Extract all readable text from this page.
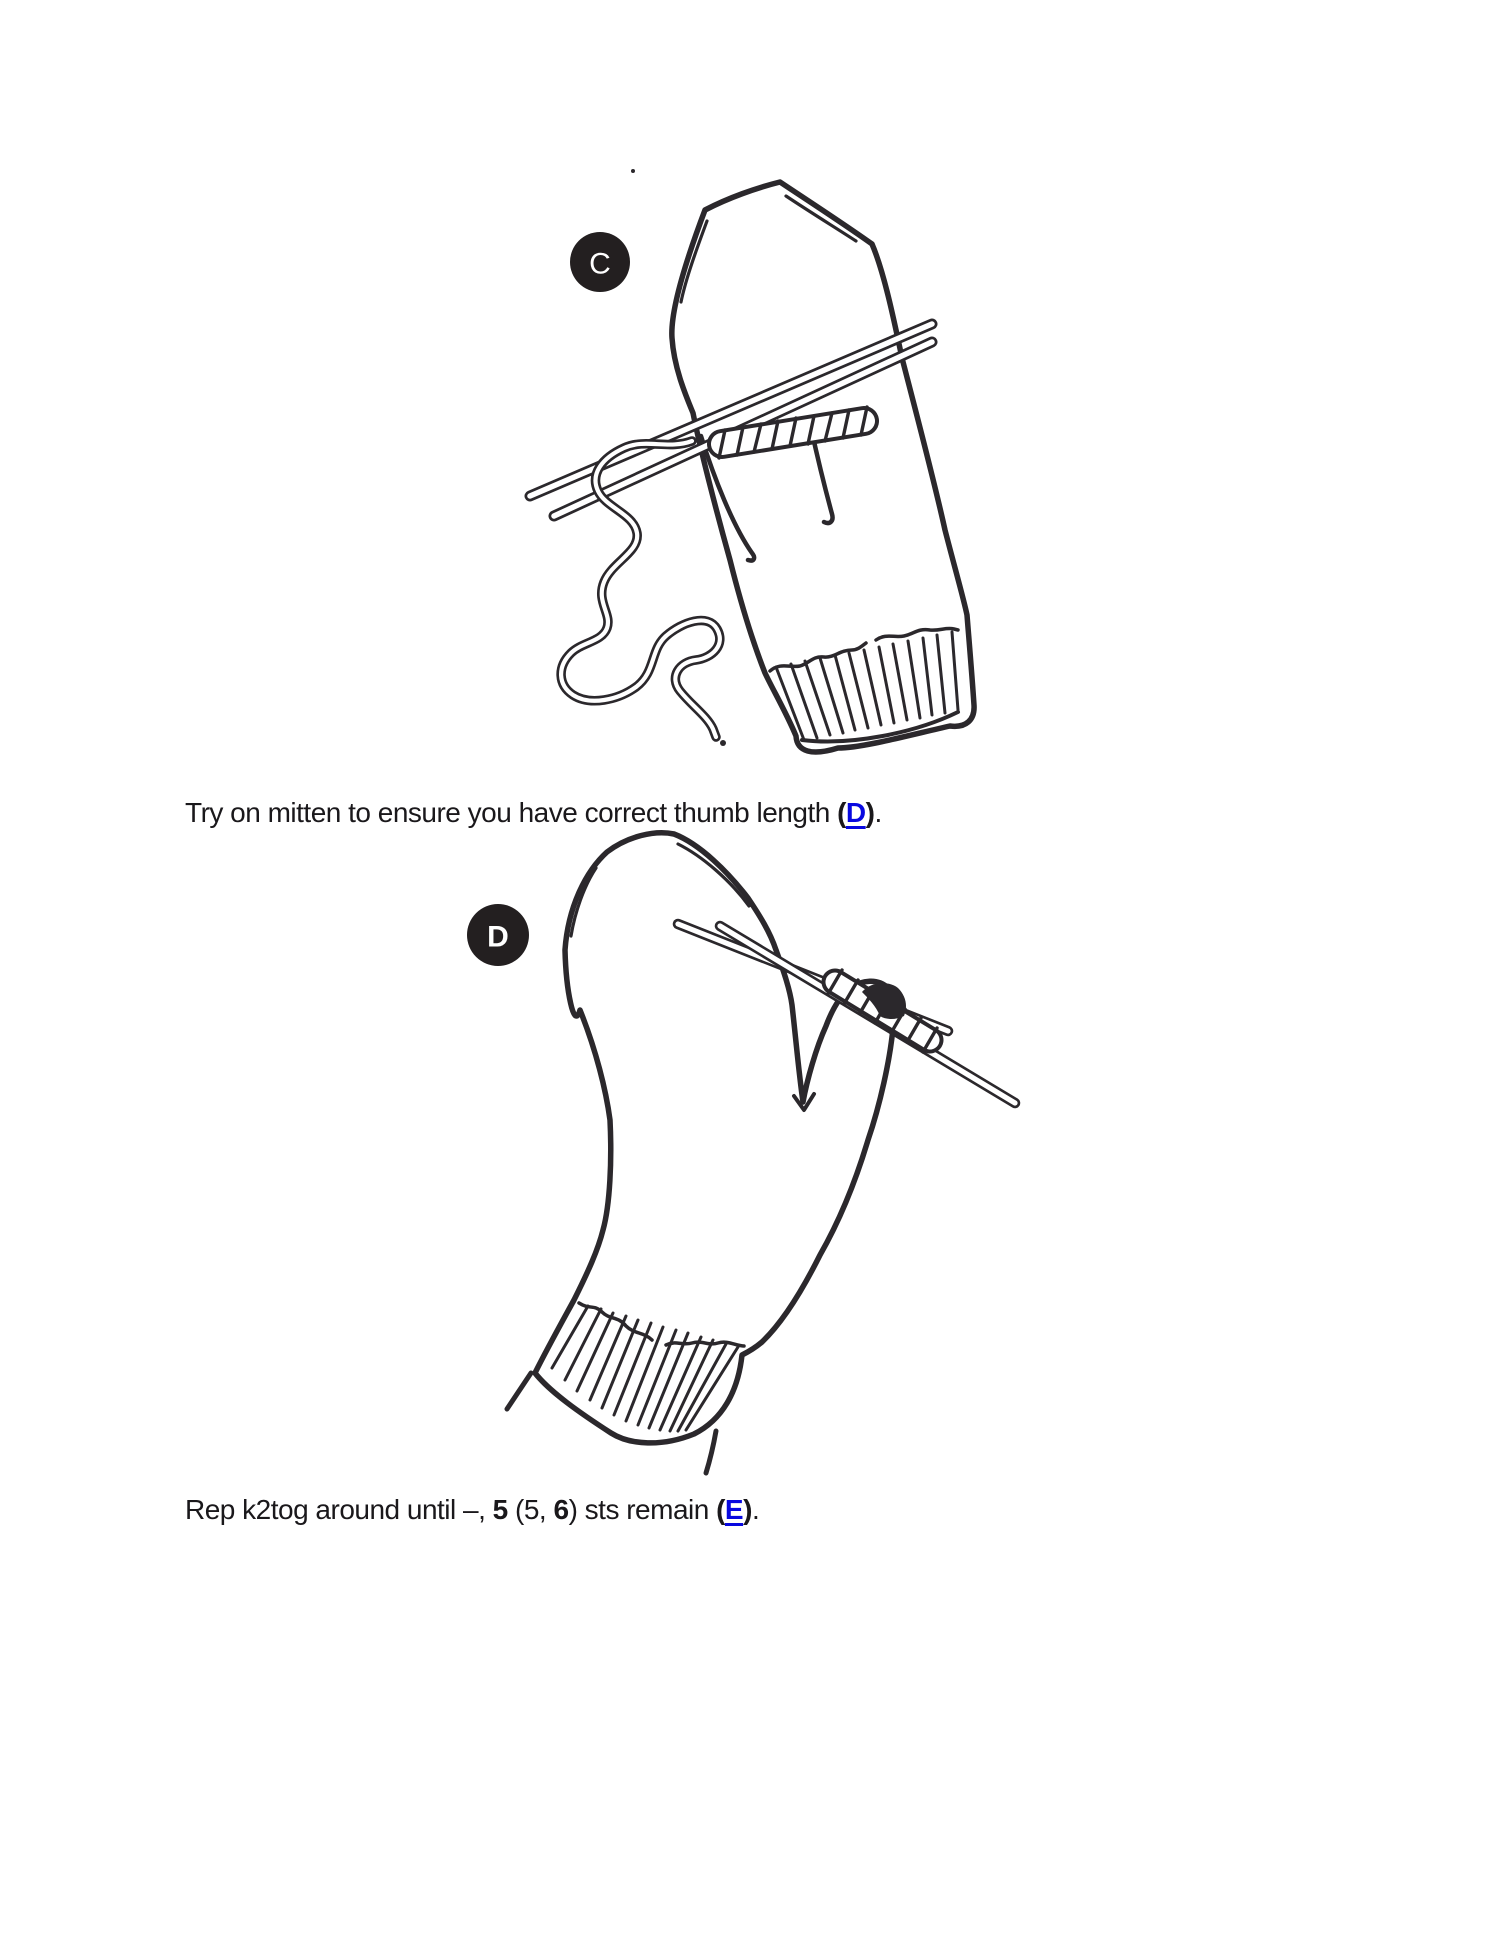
C
Try on mitten to ensure you have correct thumb length (D).
D
Rep k2tog around until –, 5 (5, 6) sts remain (E).
